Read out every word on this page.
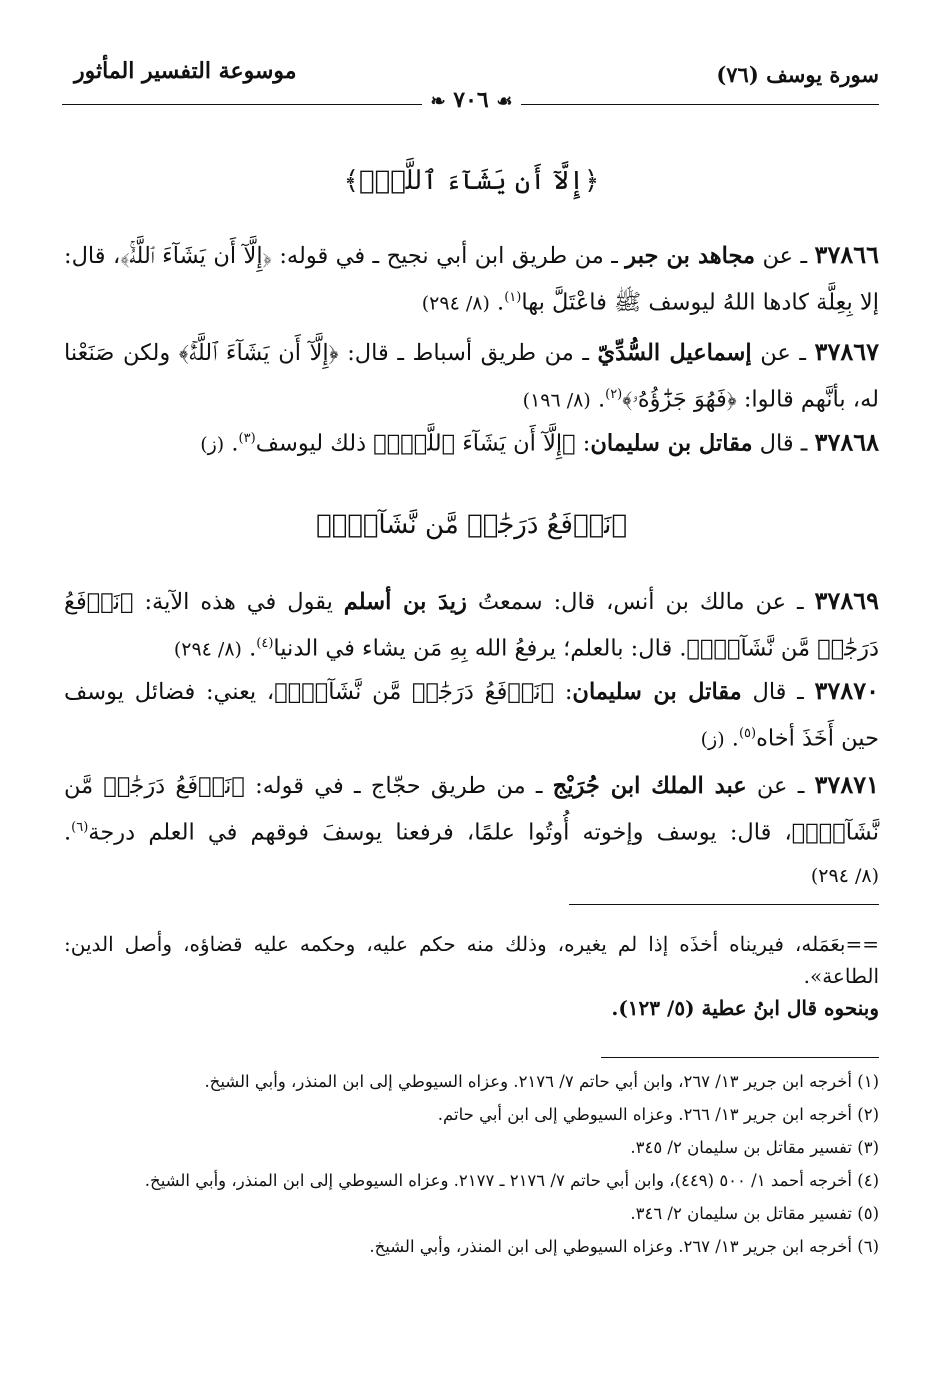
سورة يوسف (٧٦)
موسوعة التفسير المأثور
❧ ٧٠٦ ☙
﴿إِلَّآ أَن يَشَآءَ ٱللَّهُۚ﴾
٣٧٨٦٦ ـ عن مجاهد بن جبر ـ من طريق ابن أبي نجيح ـ في قوله: ﴿إِلَّآ أَن يَشَآءَ ٱللَّهُۚ﴾، قال: إلا بِعِلَّة كادها اللهُ ليوسف ﷺ فاعْتَلَّ بها$^{(١)}$. (٨/ ٢٩٤)
٣٧٨٦٧ ـ عن إسماعيل السُّدِّيّ ـ من طريق أسباط ـ قال: ﴿إِلَّآ أَن يَشَآءَ ٱللَّهُۚ﴾ ولكن صَنَعْنا له، بأنَّهم قالوا: ﴿فَهُوَ جَزَٰٓؤُهُۥ﴾$^{(٢)}$. (٨/ ١٩٦)
٣٧٨٦٨ ـ قال مقاتل بن سليمان: ﴿إِلَّآ أَن يَشَآءَ ٱللَّهُۚ﴾ ذلك ليوسف$^{(٣)}$. (ز)
﴿نَرۡفَعُ دَرَجَٰتٖ مَّن نَّشَآءُۗ﴾
٣٧٨٦٩ ـ عن مالك بن أنس، قال: سمعتُ زيدَ بن أسلم يقول في هذه الآية: ﴿نَرۡفَعُ دَرَجَٰتٖ مَّن نَّشَآءُۗ﴾. قال: بالعلم؛ يرفعُ الله بِهِ مَن يشاء في الدنيا$^{(٤)}$. (٨/ ٢٩٤)
٣٧٨٧٠ ـ قال مقاتل بن سليمان: ﴿نَرۡفَعُ دَرَجَٰتٖ مَّن نَّشَآءُۗ﴾، يعني: فضائل يوسف حين أَخَذَ أخاه$^{(٥)}$. (ز)
٣٧٨٧١ ـ عن عبد الملك ابن جُرَيْج ـ من طريق حجّاج ـ في قوله: ﴿نَرۡفَعُ دَرَجَٰتٖ مَّن نَّشَآءُۗ﴾، قال: يوسف وإخوته أُوتُوا علمًا، فرفعنا يوسفَ فوقهم في العلم درجة$^{(٦)}$. (٨/ ٢٩٤)
==بعَمَله، فيريناه أخذَه إذا لم يغيره، وذلك منه حكم عليه، وحكمه عليه قضاؤه، وأصل الدين: الطاعة».
وبنحوه قال ابنُ عطية (٥/ ١٢٣).
(١) أخرجه ابن جرير ١٣/ ٢٦٧، وابن أبي حاتم ٧/ ٢١٧٦. وعزاه السيوطي إلى ابن المنذر، وأبي الشيخ.
(٢) أخرجه ابن جرير ١٣/ ٢٦٦. وعزاه السيوطي إلى ابن أبي حاتم.
(٣) تفسير مقاتل بن سليمان ٢/ ٣٤٥.
(٤) أخرجه أحمد ١/ ٥٠٠ (٤٤٩)، وابن أبي حاتم ٧/ ٢١٧٦ ـ ٢١٧٧. وعزاه السيوطي إلى ابن المنذر، وأبي الشيخ.
(٥) تفسير مقاتل بن سليمان ٢/ ٣٤٦.
(٦) أخرجه ابن جرير ١٣/ ٢٦٧. وعزاه السيوطي إلى ابن المنذر، وأبي الشيخ.
